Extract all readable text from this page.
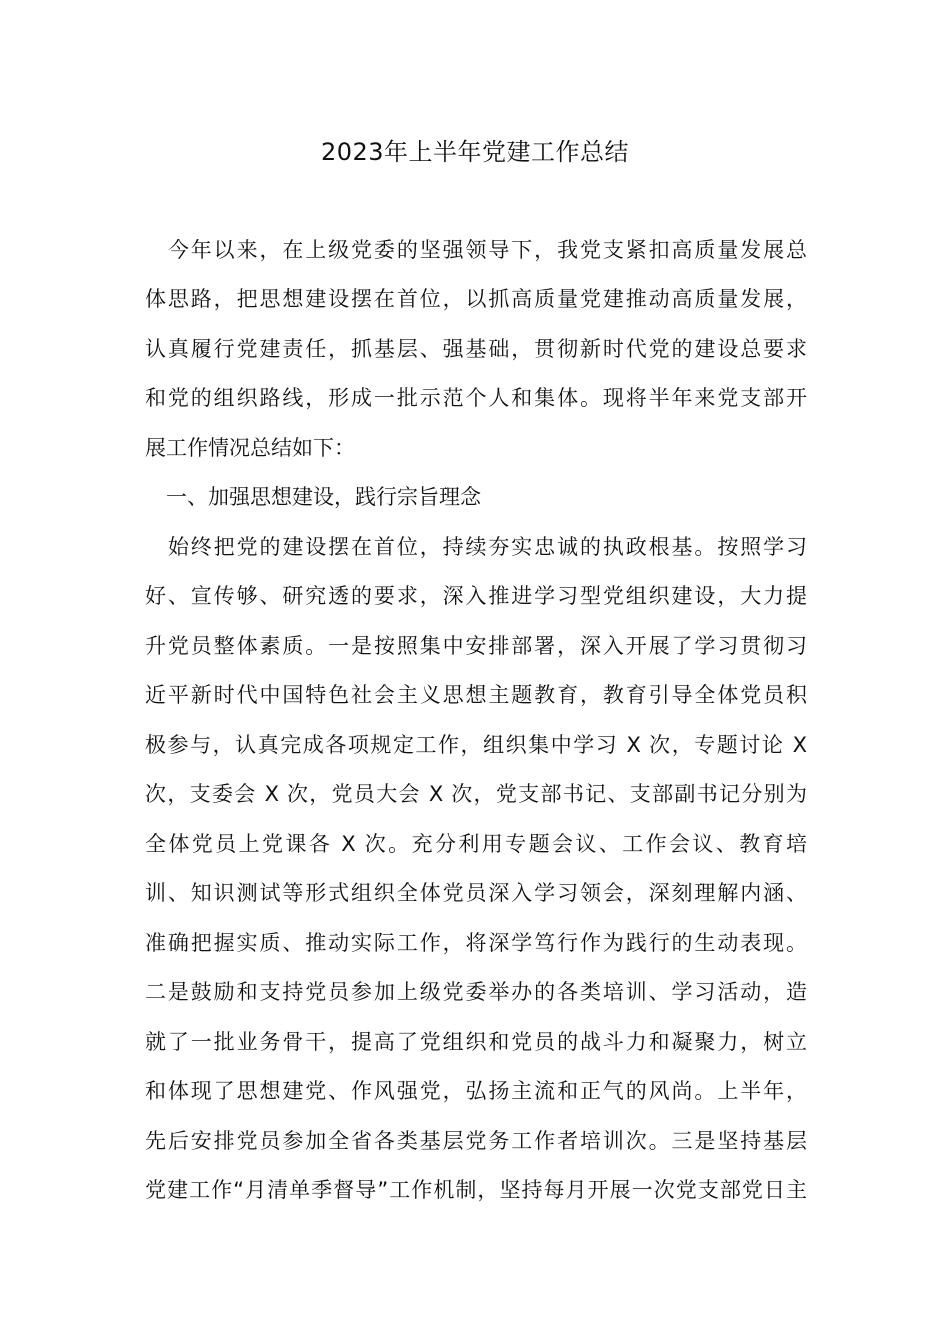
2023年上半年党建工作总结
　今年以来，在上级党委的坚强领导下，我党支紧扣高质量发展总
体思路，把思想建设摆在首位，以抓高质量党建推动高质量发展，
认真履行党建责任，抓基层、强基础，贯彻新时代党的建设总要求
和党的组织路线，形成一批示范个人和集体。现将半年来党支部开
展工作情况总结如下：
　一、加强思想建设，践行宗旨理念
　始终把党的建设摆在首位，持续夯实忠诚的执政根基。按照学习
好、宣传够、研究透的要求，深入推进学习型党组织建设，大力提
升党员整体素质。一是按照集中安排部署，深入开展了学习贯彻习
近平新时代中国特色社会主义思想主题教育，教育引导全体党员积
极参与，认真完成各项规定工作，组织集中学习 X 次，专题讨论 X
次，支委会 X 次，党员大会 X 次，党支部书记、支部副书记分别为
全体党员上党课各 X 次。充分利用专题会议、工作会议、教育培
训、知识测试等形式组织全体党员深入学习领会，深刻理解内涵、
准确把握实质、推动实际工作，将深学笃行作为践行的生动表现。
二是鼓励和支持党员参加上级党委举办的各类培训、学习活动，造
就了一批业务骨干，提高了党组织和党员的战斗力和凝聚力，树立
和体现了思想建党、作风强党，弘扬主流和正气的风尚。上半年，
先后安排党员参加全省各类基层党务工作者培训次。三是坚持基层
党建工作“月清单季督导”工作机制，坚持每月开展一次党支部党日主
